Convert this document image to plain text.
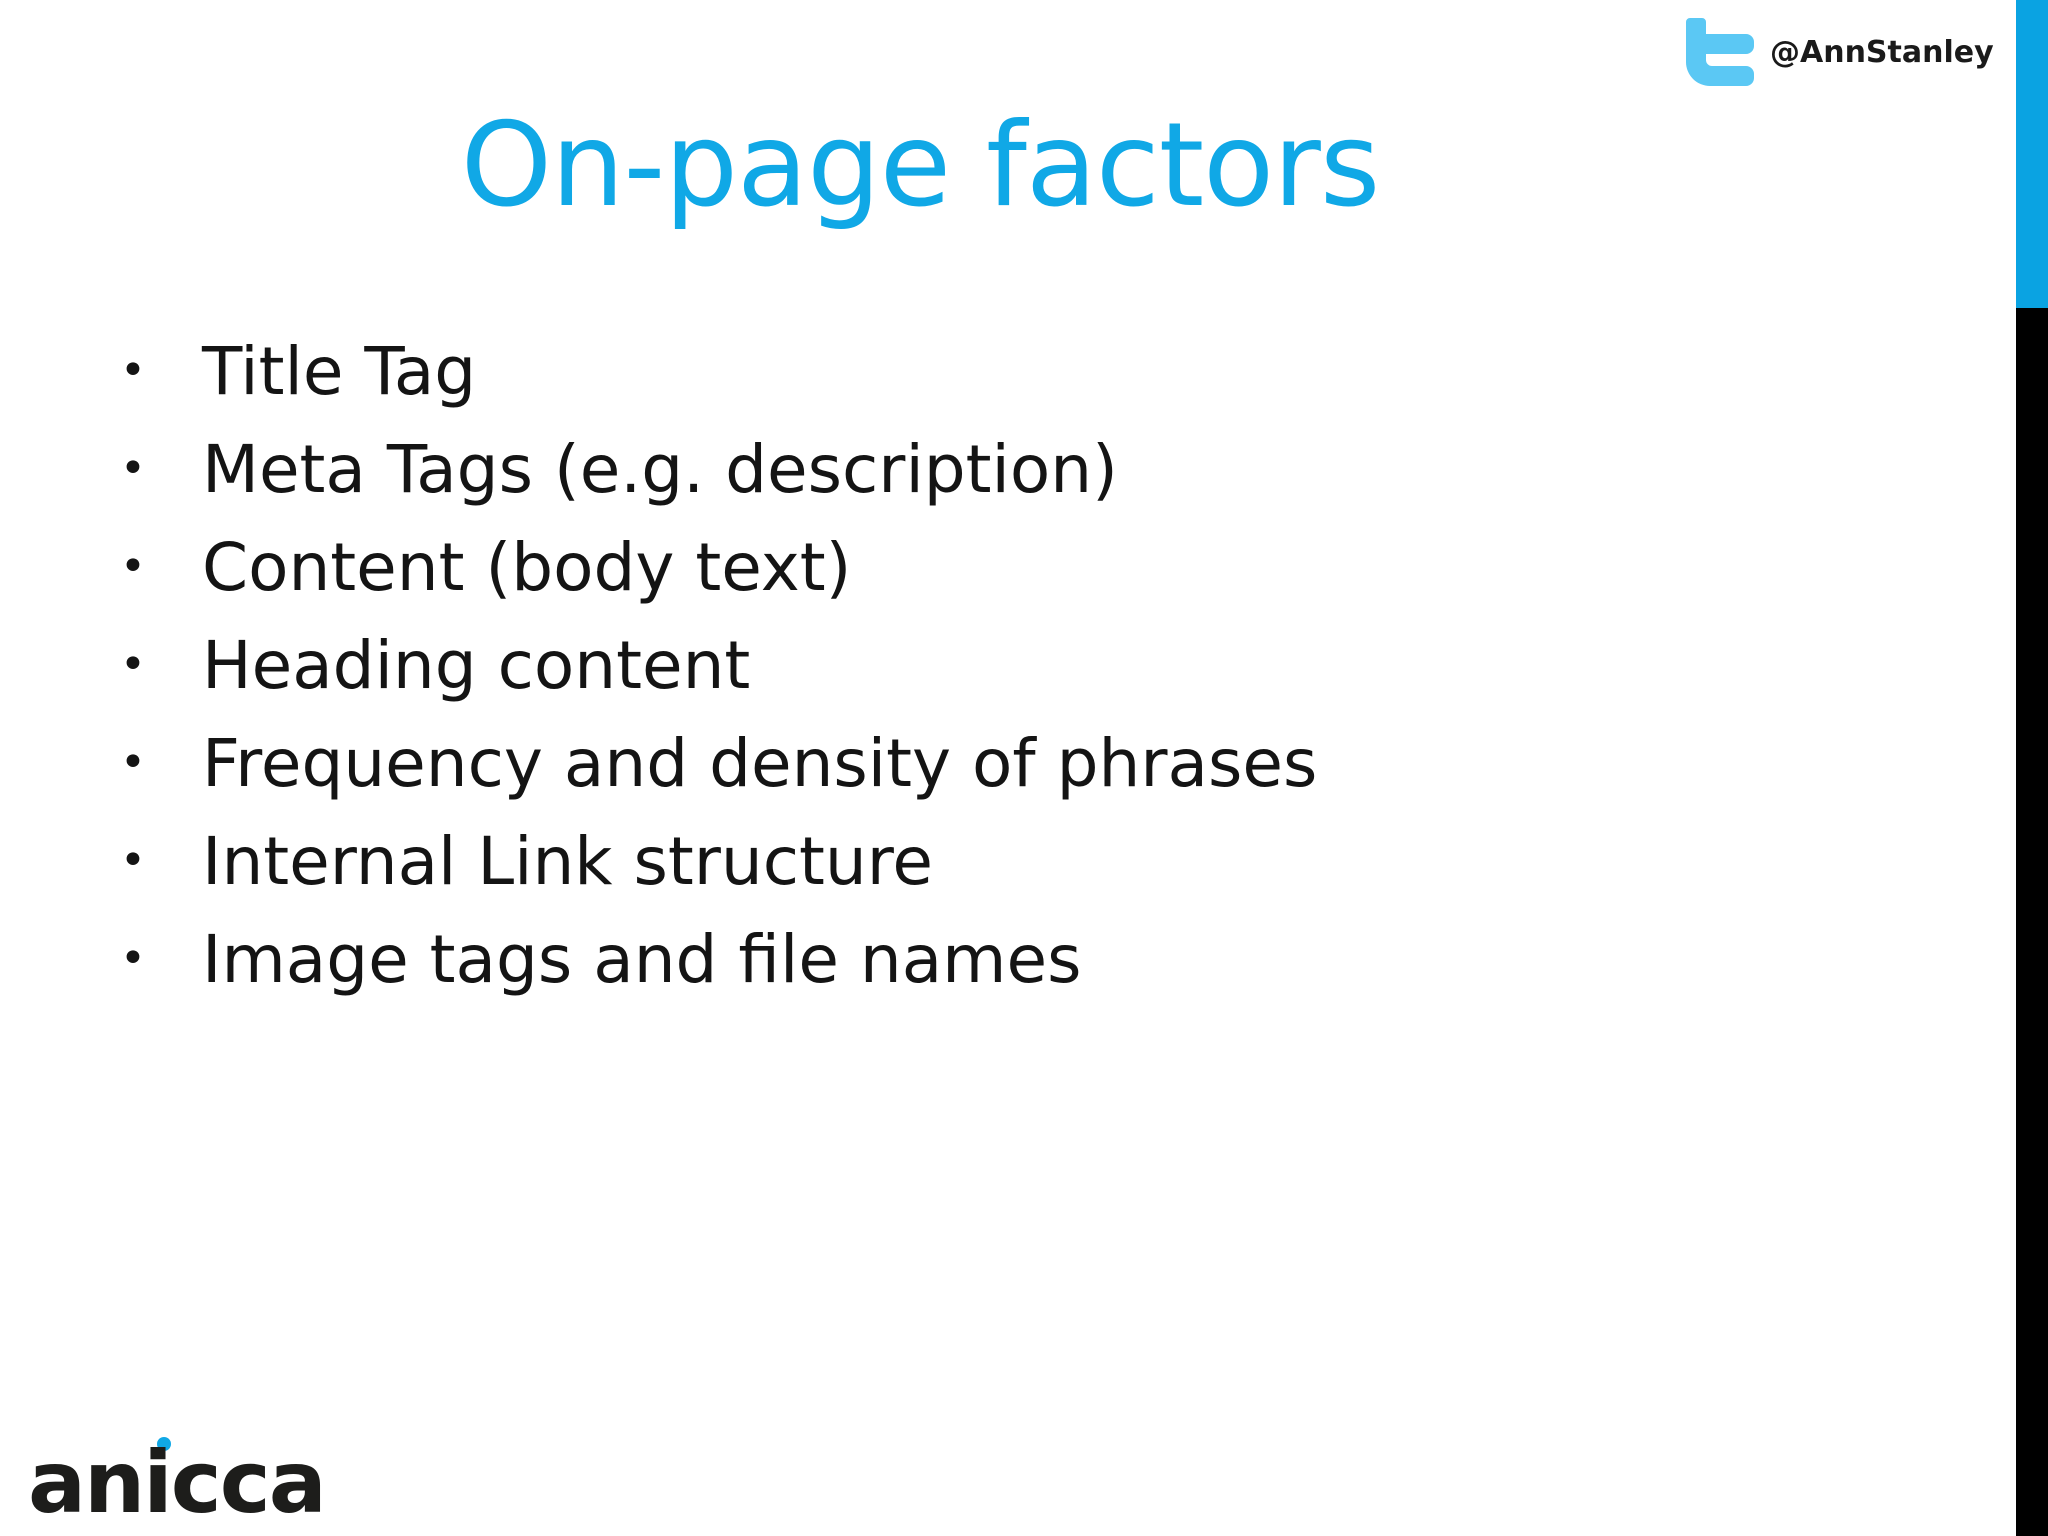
@AnnStanley
On-page factors
• Title Tag
• Meta Tags (e.g. description)
• Content (body text)
• Heading content
• Frequency and density of phrases
• Internal Link structure
• Image tags and file names
anicca
